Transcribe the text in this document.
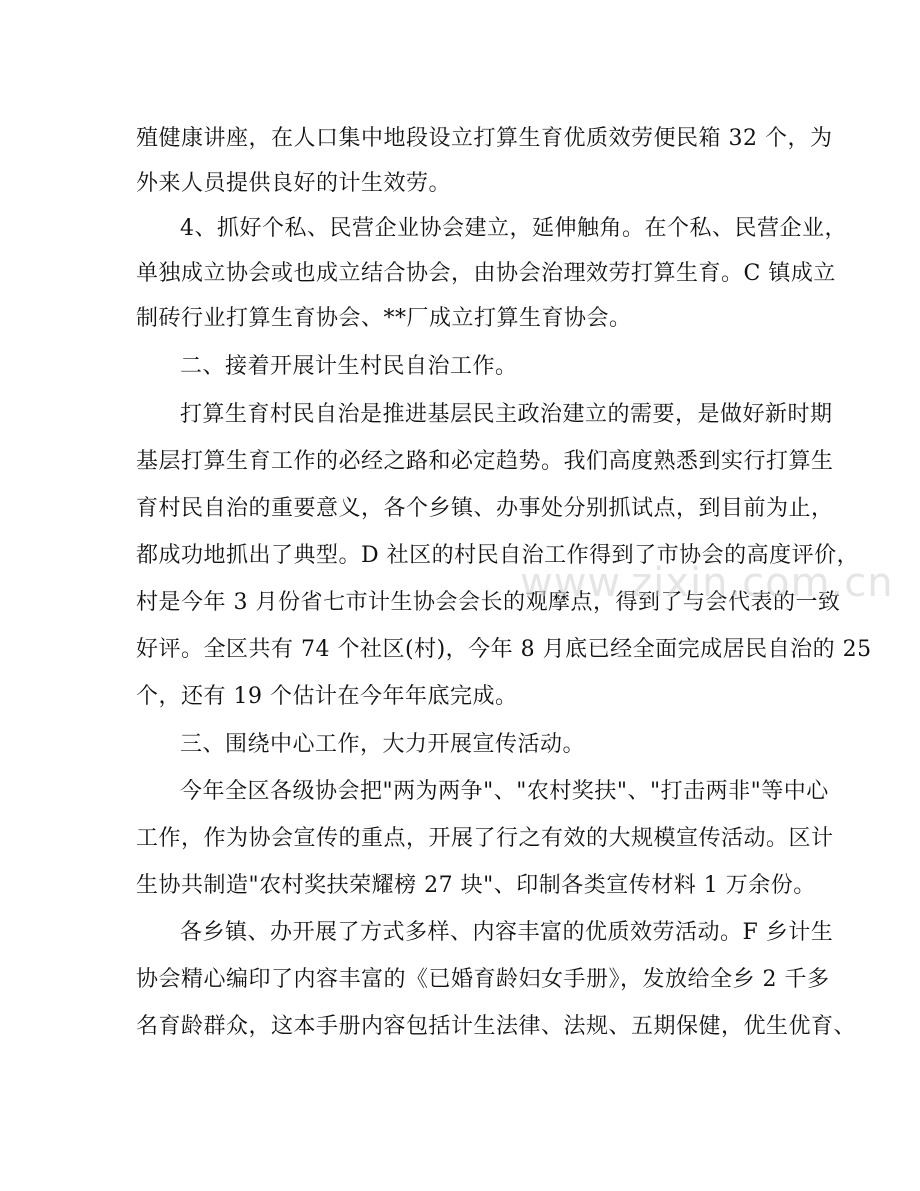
殖健康讲座，在人口集中地段设立打算生育优质效劳便民箱 32 个，为
外来人员提供良好的计生效劳。
4、抓好个私、民营企业协会建立，延伸触角。在个私、民营企业，
单独成立协会或也成立结合协会，由协会治理效劳打算生育。C 镇成立
制砖行业打算生育协会、**厂成立打算生育协会。
二、接着开展计生村民自治工作。
打算生育村民自治是推进基层民主政治建立的需要，是做好新时期
基层打算生育工作的必经之路和必定趋势。我们高度熟悉到实行打算生
育村民自治的重要意义，各个乡镇、办事处分别抓试点，到目前为止，
都成功地抓出了典型。D 社区的村民自治工作得到了市协会的高度评价，
村是今年 3 月份省七市计生协会会长的观摩点，得到了与会代表的一致
好评。全区共有 74 个社区(村)，今年 8 月底已经全面完成居民自治的 25
个，还有 19 个估计在今年年底完成。
三、围绕中心工作，大力开展宣传活动。
今年全区各级协会把"两为两争"、"农村奖扶"、"打击两非"等中心
工作，作为协会宣传的重点，开展了行之有效的大规模宣传活动。区计
生协共制造"农村奖扶荣耀榜 27 块"、印制各类宣传材料 1 万余份。
各乡镇、办开展了方式多样、内容丰富的优质效劳活动。F 乡计生
协会精心编印了内容丰富的《已婚育龄妇女手册》，发放给全乡 2 千多
名育龄群众，这本手册内容包括计生法律、法规、五期保健，优生优育、
www.zixin.com.cn
